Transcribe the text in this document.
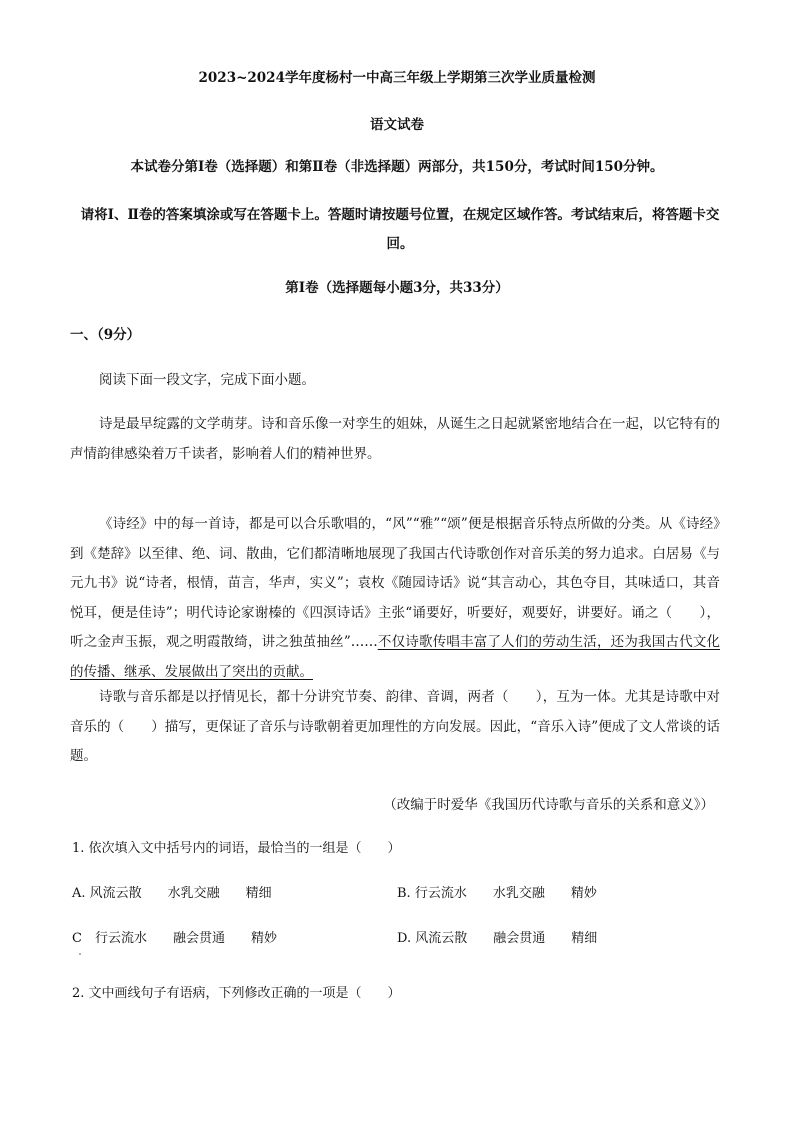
2023~2024学年度杨村一中高三年级上学期第三次学业质量检测
语文试卷
本试卷分第Ⅰ卷（选择题）和第Ⅱ卷（非选择题）两部分，共150分，考试时间150分钟。
请将Ⅰ、Ⅱ卷的答案填涂或写在答题卡上。答题时请按题号位置，在规定区域作答。考试结束后，将答题卡交回。
第Ⅰ卷（选择题每小题3分，共33分）
一、（9分）
阅读下面一段文字，完成下面小题。
诗是最早绽露的文学萌芽。诗和音乐像一对孪生的姐妹，从诞生之日起就紧密地结合在一起，以它特有的声情韵律感染着万千读者，影响着人们的精神世界。
《诗经》中的每一首诗，都是可以合乐歌唱的，“风”“雅”“颂”便是根据音乐特点所做的分类。从《诗经》到《楚辞》以至律、绝、词、散曲，它们都清晰地展现了我国古代诗歌创作对音乐美的努力追求。白居易《与元九书》说“诗者，根情，苗言，华声，实义”；袁枚《随园诗话》说“其言动心，其色夺目，其味适口，其音悦耳，便是佳诗”；明代诗论家谢榛的《四溟诗话》主张“诵要好，听要好，观要好，讲要好。诵之（　　），听之金声玉振，观之明霞散绮，讲之独茧抽丝”……不仅诗歌传唱丰富了人们的劳动生活，还为我国古代文化的传播、继承、发展做出了突出的贡献。
诗歌与音乐都是以抒情见长，都十分讲究节奏、韵律、音调，两者（　　），互为一体。尤其是诗歌中对音乐的（　　）描写，更保证了音乐与诗歌朝着更加理性的方向发展。因此，“音乐入诗”便成了文人常谈的话题。
（改编于时爱华《我国历代诗歌与音乐的关系和意义》）
1. 依次填入文中括号内的词语，最恰当的一组是（　　）
A. 风流云散　　水乳交融　　精细	B. 行云流水　　水乳交融　　精妙
C　行云流水　　融会贯通　　精妙	D. 风流云散　　融会贯通　　精细
2. 文中画线句子有语病，下列修改正确的一项是（　　）
